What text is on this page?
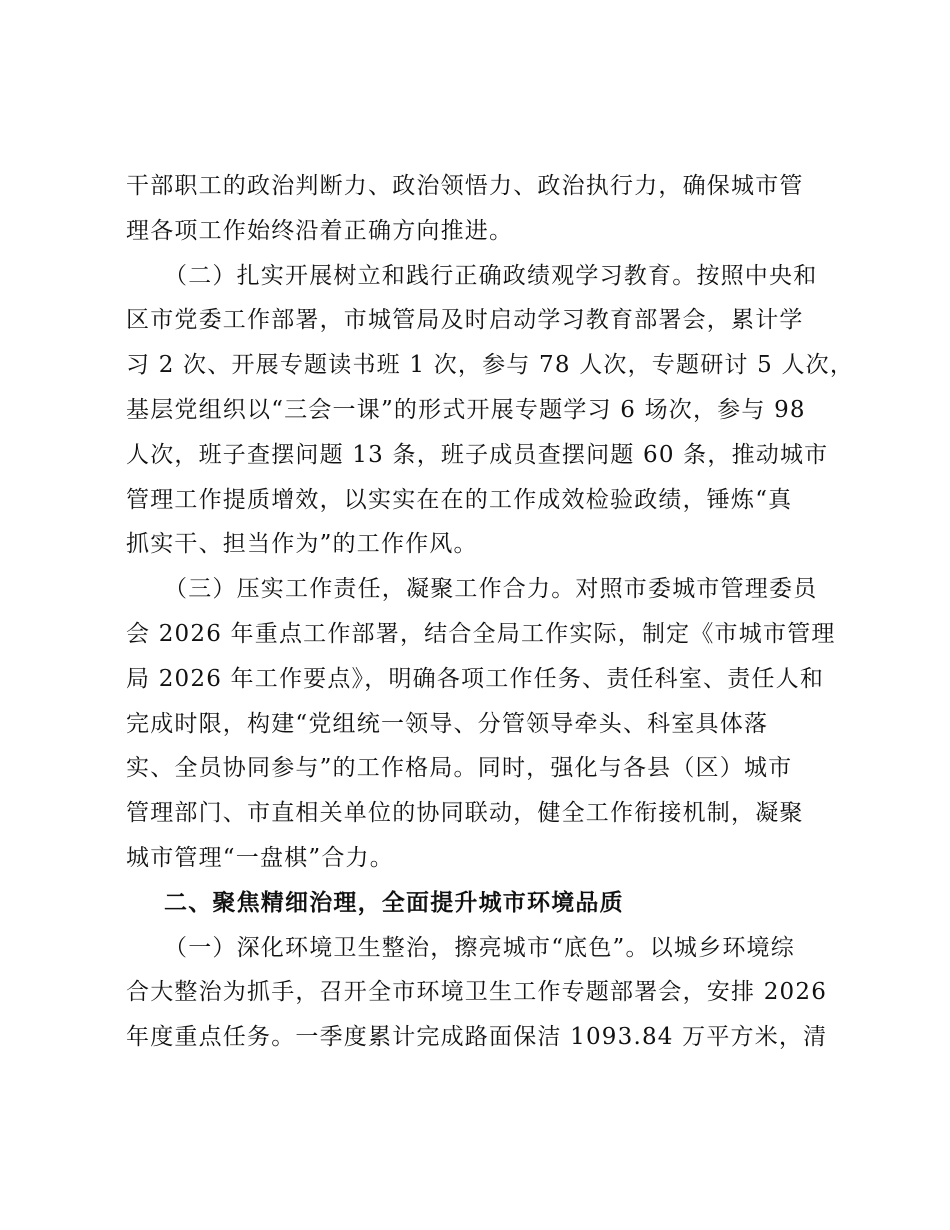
干部职工的政治判断力、政治领悟力、政治执行力，确保城市管
理各项工作始终沿着正确方向推进。
（二）扎实开展树立和践行正确政绩观学习教育。按照中央和
区市党委工作部署，市城管局及时启动学习教育部署会，累计学
习 2 次、开展专题读书班 1 次，参与 78 人次，专题研讨 5 人次，
基层党组织以“三会一课”的形式开展专题学习 6 场次，参与 98
人次，班子查摆问题 13 条，班子成员查摆问题 60 条，推动城市
管理工作提质增效，以实实在在的工作成效检验政绩，锤炼“真
抓实干、担当作为”的工作作风。
（三）压实工作责任，凝聚工作合力。对照市委城市管理委员
会 2026 年重点工作部署，结合全局工作实际，制定《市城市管理
局 2026 年工作要点》，明确各项工作任务、责任科室、责任人和
完成时限，构建“党组统一领导、分管领导牵头、科室具体落
实、全员协同参与”的工作格局。同时，强化与各县（区）城市
管理部门、市直相关单位的协同联动，健全工作衔接机制，凝聚
城市管理“一盘棋”合力。
二、聚焦精细治理，全面提升城市环境品质
（一）深化环境卫生整治，擦亮城市“底色”。以城乡环境综
合大整治为抓手，召开全市环境卫生工作专题部署会，安排 2026
年度重点任务。一季度累计完成路面保洁 1093.84 万平方米，清
